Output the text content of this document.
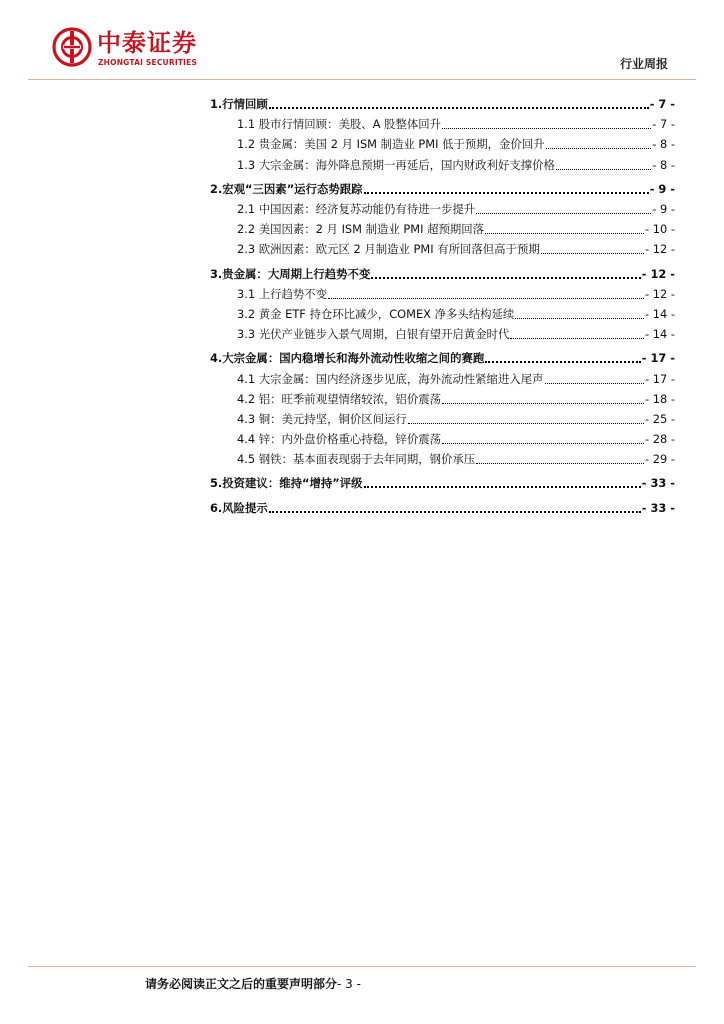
中泰证券
ZHONGTAI SECURITIES	行业周报
1.行情回顾	- 7 -
1.1 股市行情回顾：美股、A 股整体回升	- 7 -
1.2 贵金属：美国 2 月 ISM 制造业 PMI 低于预期，金价回升	- 8 -
1.3 大宗金属：海外降息预期一再延后，国内财政利好支撑价格	- 8 -
2.宏观“三因素”运行态势跟踪	- 9 -
2.1 中国因素：经济复苏动能仍有待进一步提升	- 9 -
2.2 美国因素：2 月 ISM 制造业 PMI 超预期回落	- 10 -
2.3 欧洲因素：欧元区 2 月制造业 PMI 有所回落但高于预期	- 12 -
3.贵金属：大周期上行趋势不变	- 12 -
3.1 上行趋势不变	- 12 -
3.2 黄金 ETF 持仓环比减少，COMEX 净多头结构延续	- 14 -
3.3 光伏产业链步入景气周期，白银有望开启黄金时代	- 14 -
4.大宗金属：国内稳增长和海外流动性收缩之间的赛跑	- 17 -
4.1 大宗金属：国内经济逐步见底，海外流动性紧缩进入尾声	- 17 -
4.2 铝：旺季前观望情绪较浓，铝价震荡	- 18 -
4.3 铜：美元持坚，铜价区间运行	- 25 -
4.4 锌：内外盘价格重心持稳，锌价震荡	- 28 -
4.5 钢铁：基本面表现弱于去年同期，钢价承压	- 29 -
5.投资建议：维持“增持”评级	- 33 -
6.风险提示	- 33 -
请务必阅读正文之后的重要声明部分- 3 -
